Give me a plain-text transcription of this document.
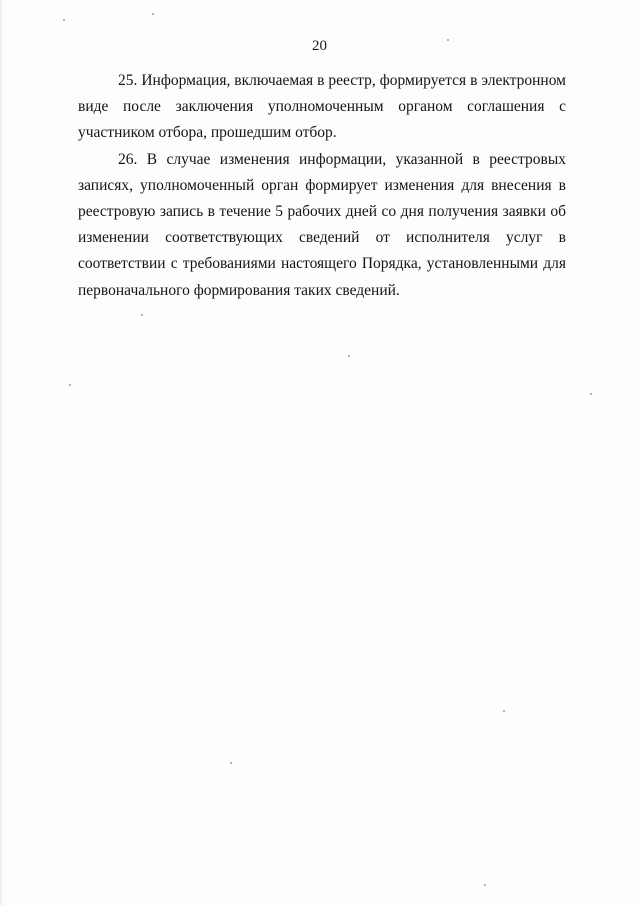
20

25. Информация, включаемая в реестр, формируется в электронном виде после заключения уполномоченным органом соглашения с участником отбора, прошедшим отбор.

26. В случае изменения информации, указанной в реестровых записях, уполномоченный орган формирует изменения для внесения в реестровую запись в течение 5 рабочих дней со дня получения заявки об изменении соответствующих сведений от исполнителя услуг в соответствии с требованиями настоящего Порядка, установленными для первоначального формирования таких сведений.
